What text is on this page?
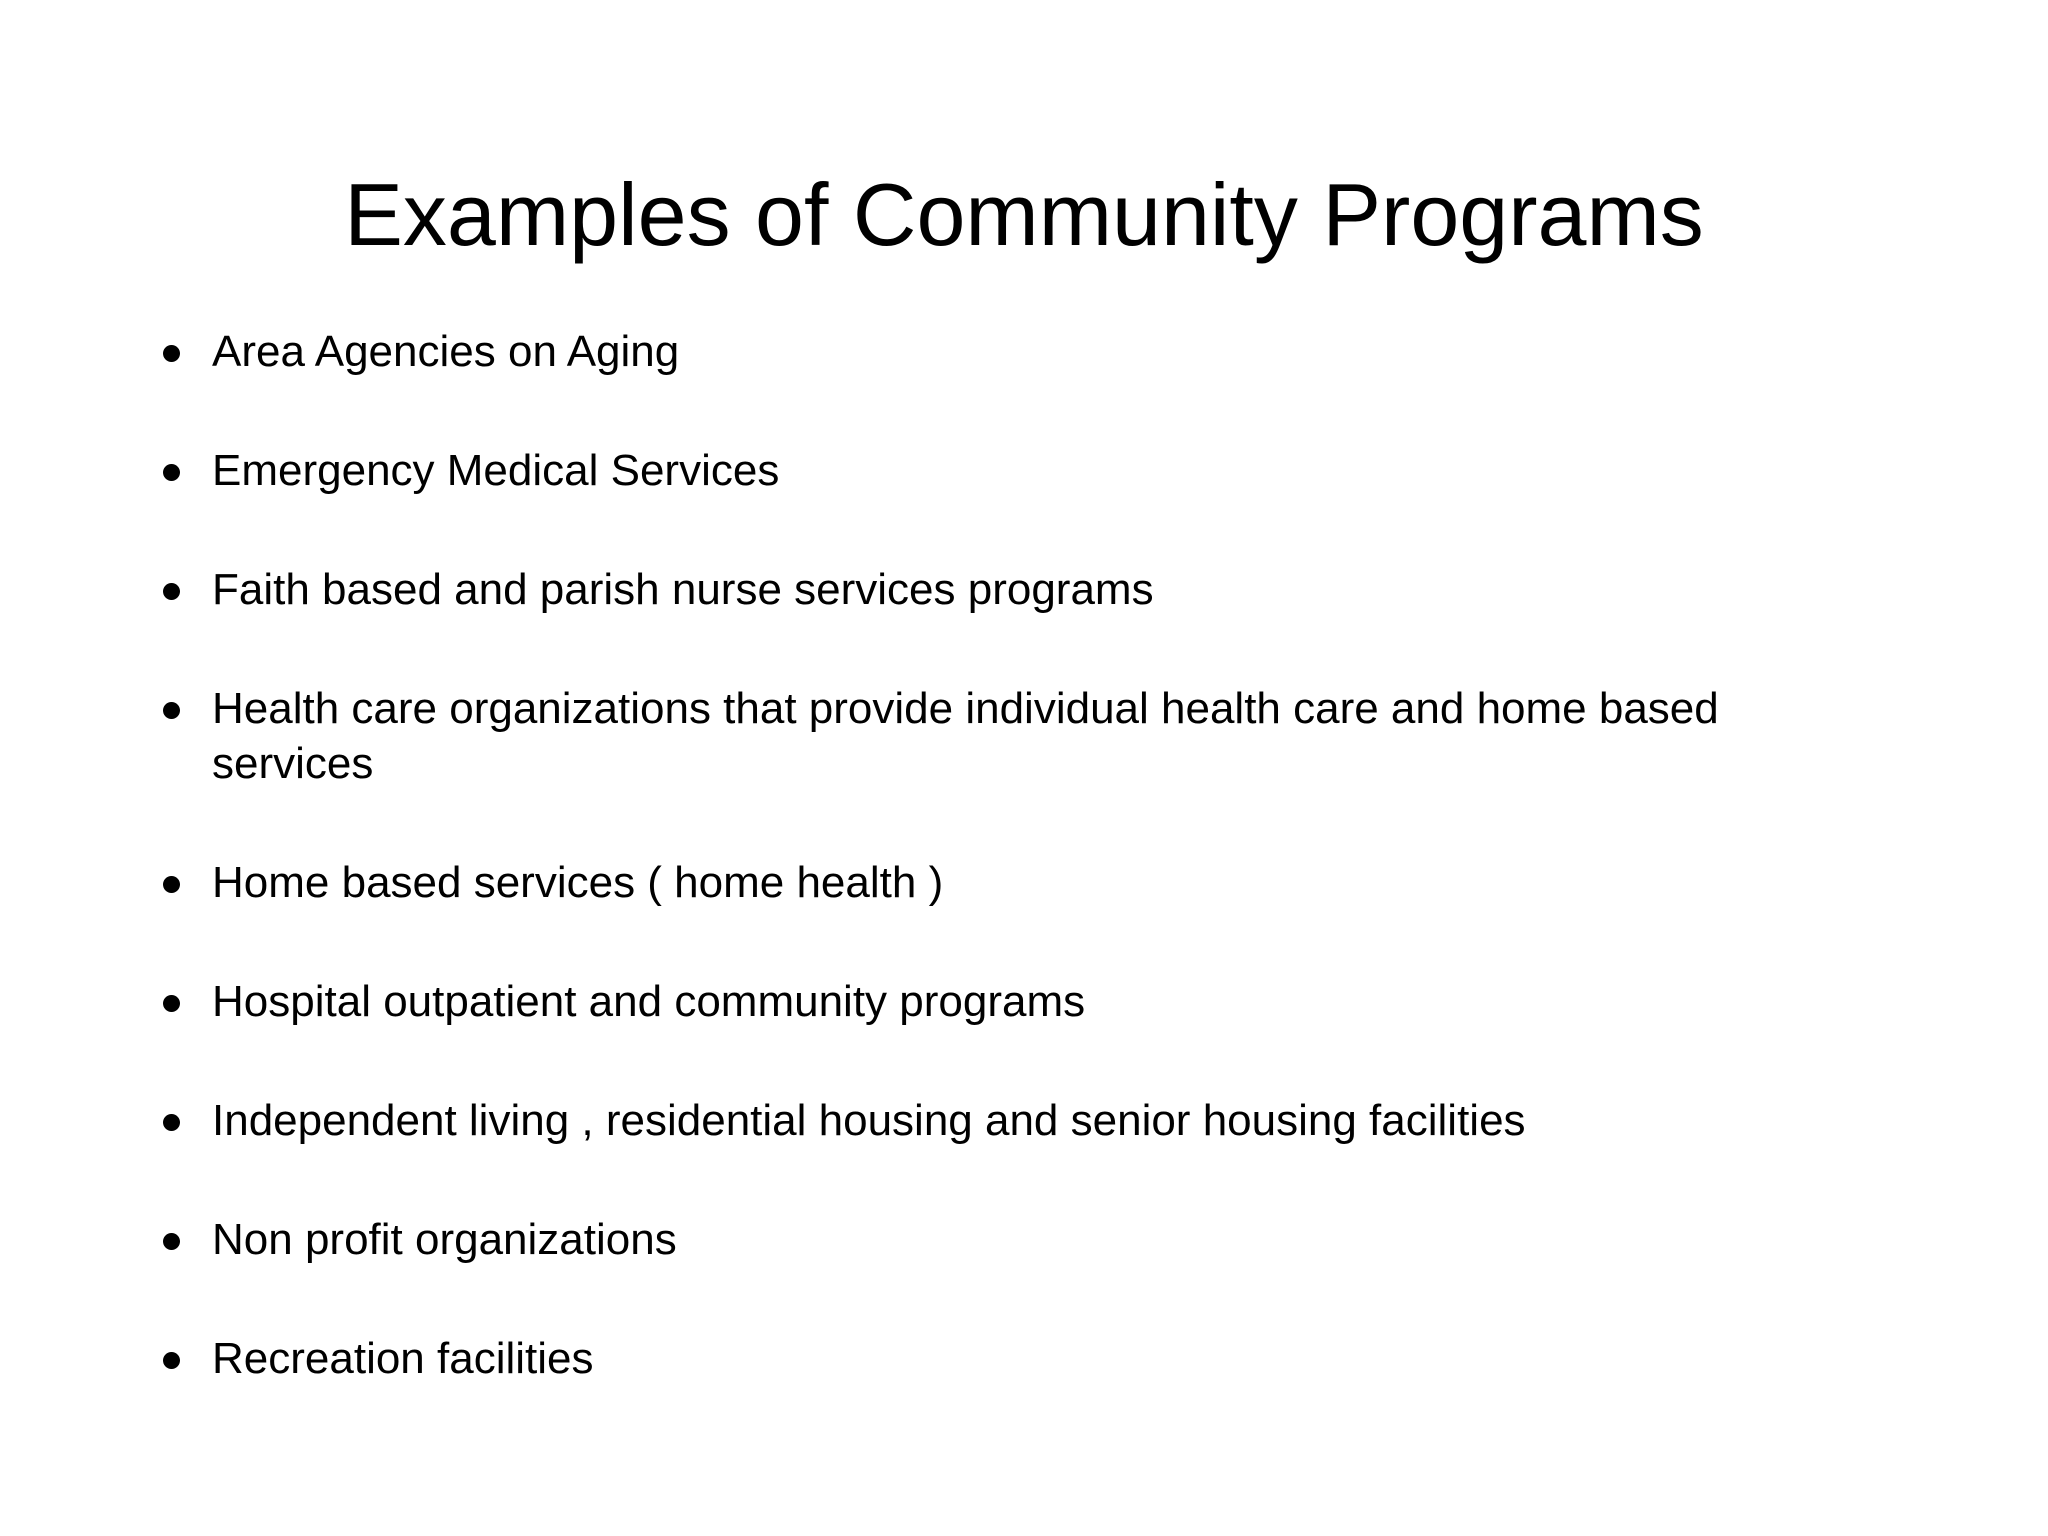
Examples of Community Programs
Area Agencies on Aging
Emergency Medical Services
Faith based and parish nurse services programs
Health care organizations that provide individual health care and home based services
Home based services ( home health )
Hospital outpatient and community programs
Independent living , residential housing and senior housing facilities
Non profit organizations
Recreation facilities
